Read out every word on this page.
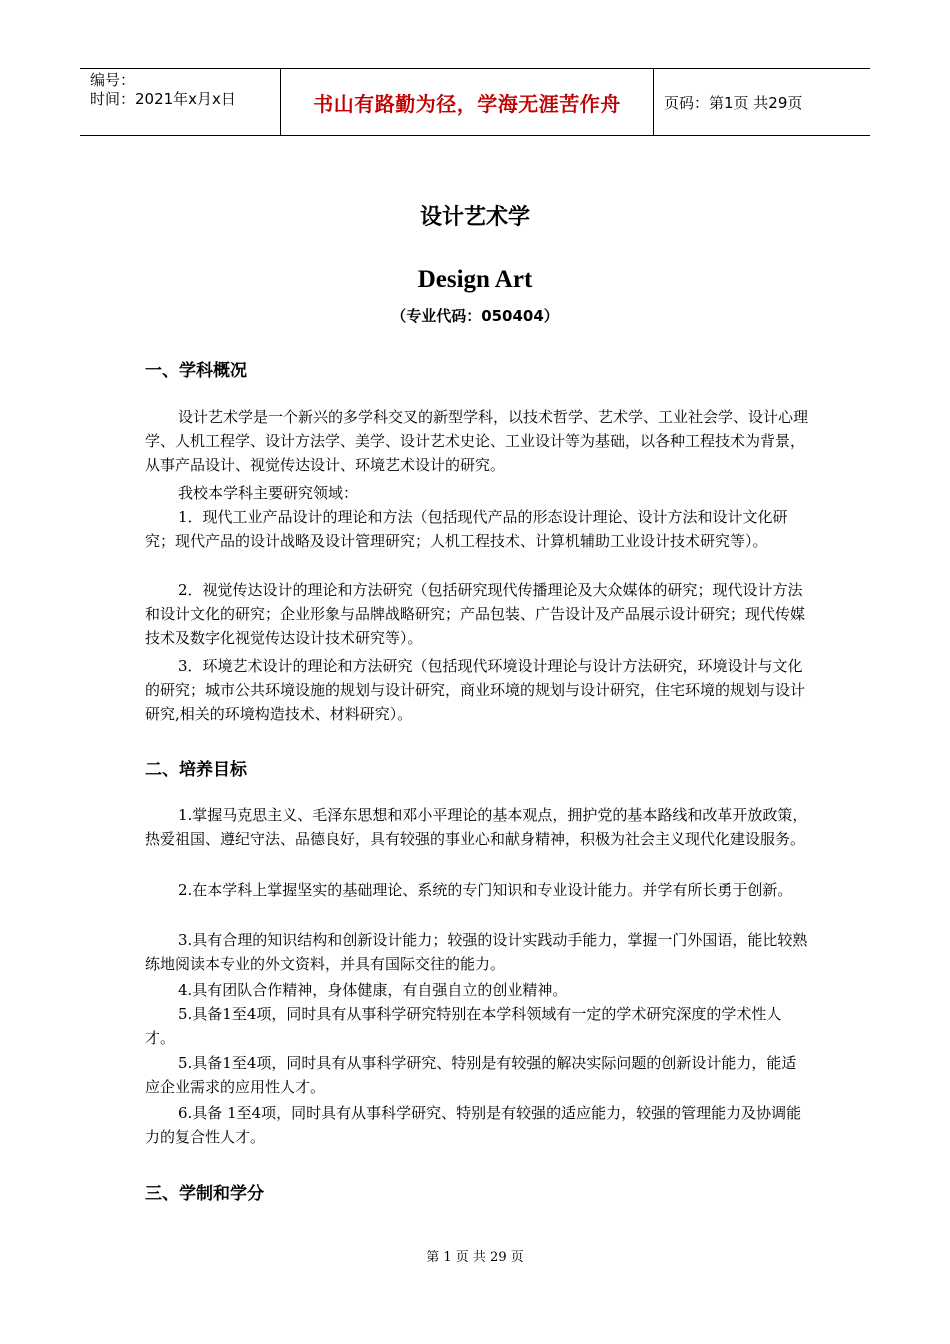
编号：
时间：2021年x月x日	书山有路勤为径，学海无涯苦作舟	页码：第1页 共29页
设计艺术学
Design Art
（专业代码：050404）
一、学科概况

设计艺术学是一个新兴的多学科交叉的新型学科，以技术哲学、艺术学、工业社会学、设计心理学、人机工程学、设计方法学、美学、设计艺术史论、工业设计等为基础，以各种工程技术为背景，从事产品设计、视觉传达设计、环境艺术设计的研究。

我校本学科主要研究领域：

1．现代工业产品设计的理论和方法（包括现代产品的形态设计理论、设计方法和设计文化研究；现代产品的设计战略及设计管理研究；人机工程技术、计算机辅助工业设计技术研究等）。

2．视觉传达设计的理论和方法研究（包括研究现代传播理论及大众媒体的研究；现代设计方法和设计文化的研究；企业形象与品牌战略研究；产品包装、广告设计及产品展示设计研究；现代传媒技术及数字化视觉传达设计技术研究等）。

3．环境艺术设计的理论和方法研究（包括现代环境设计理论与设计方法研究，环境设计与文化的研究；城市公共环境设施的规划与设计研究，商业环境的规划与设计研究，住宅环境的规划与设计研究,相关的环境构造技术、材料研究）。

二、培养目标

1.掌握马克思主义、毛泽东思想和邓小平理论的基本观点，拥护党的基本路线和改革开放政策，热爱祖国、遵纪守法、品德良好，具有较强的事业心和献身精神，积极为社会主义现代化建设服务。

2.在本学科上掌握坚实的基础理论、系统的专门知识和专业设计能力。并学有所长勇于创新。

3.具有合理的知识结构和创新设计能力；较强的设计实践动手能力，掌握一门外国语，能比较熟练地阅读本专业的外文资料，并具有国际交往的能力。

4.具有团队合作精神，身体健康，有自强自立的创业精神。

5.具备1至4项，同时具有从事科学研究特别在本学科领域有一定的学术研究深度的学术性人才。

5.具备1至4项，同时具有从事科学研究、特别是有较强的解决实际问题的创新设计能力，能适应企业需求的应用性人才。

6.具备 1至4项，同时具有从事科学研究、特别是有较强的适应能力，较强的管理能力及协调能力的复合性人才。

三、学制和学分
第 1 页 共 29 页
